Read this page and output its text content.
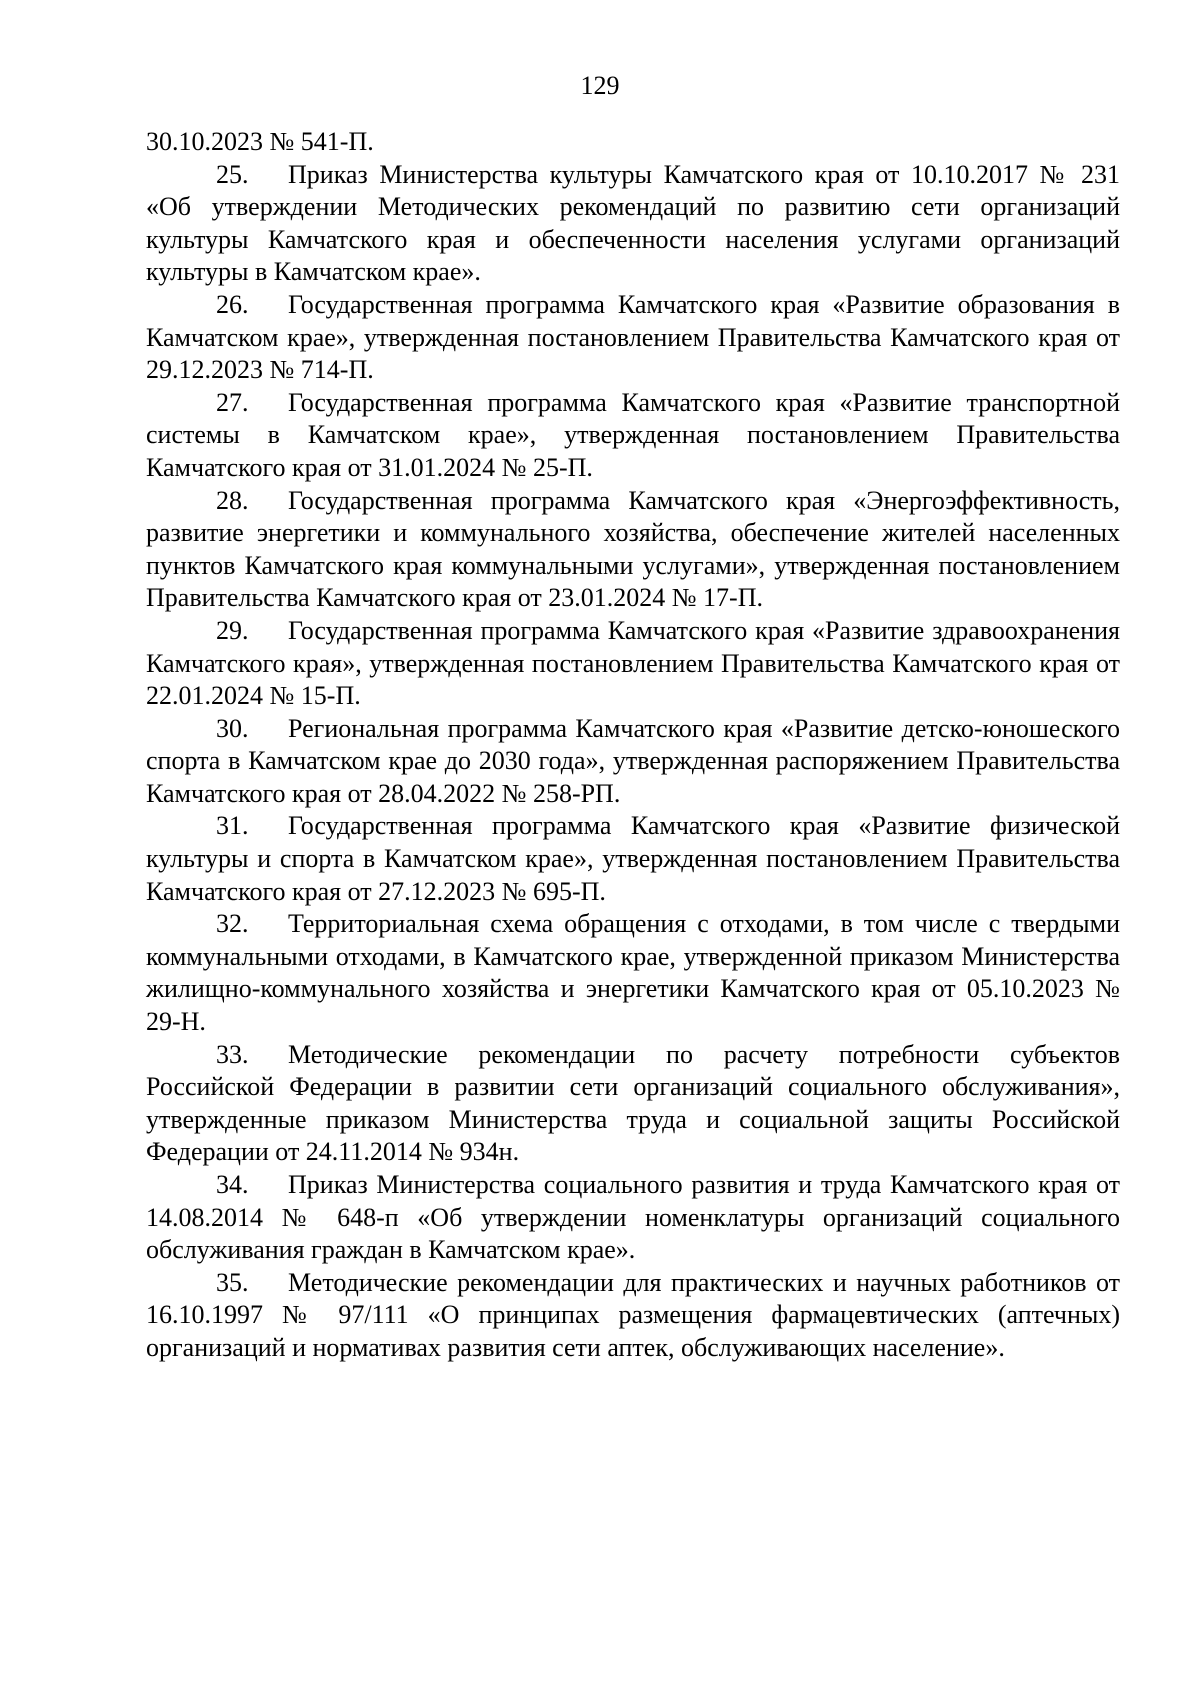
129

30.10.2023 № 541-П.

25. Приказ Министерства культуры Камчатского края от 10.10.2017 № 231 «Об утверждении Методических рекомендаций по развитию сети организаций культуры Камчатского края и обеспеченности населения услугами организаций культуры в Камчатском крае».

26. Государственная программа Камчатского края «Развитие образования в Камчатском крае», утвержденная постановлением Правительства Камчатского края от 29.12.2023 № 714-П.

27. Государственная программа Камчатского края «Развитие транспортной системы в Камчатском крае», утвержденная постановлением Правительства Камчатского края от 31.01.2024 № 25-П.

28. Государственная программа Камчатского края «Энергоэффективность, развитие энергетики и коммунального хозяйства, обеспечение жителей населенных пунктов Камчатского края коммунальными услугами», утвержденная постановлением Правительства Камчатского края от 23.01.2024 № 17-П.

29. Государственная программа Камчатского края «Развитие здравоохранения Камчатского края», утвержденная постановлением Правительства Камчатского края от 22.01.2024 № 15-П.

30. Региональная программа Камчатского края «Развитие детско-юношеского спорта в Камчатском крае до 2030 года», утвержденная распоряжением Правительства Камчатского края от 28.04.2022 № 258-РП.

31. Государственная программа Камчатского края «Развитие физической культуры и спорта в Камчатском крае», утвержденная постановлением Правительства Камчатского края от 27.12.2023 № 695-П.

32. Территориальная схема обращения с отходами, в том числе с твердыми коммунальными отходами, в Камчатского крае, утвержденной приказом Министерства жилищно-коммунального хозяйства и энергетики Камчатского края от 05.10.2023 № 29-Н.

33. Методические рекомендации по расчету потребности субъектов Российской Федерации в развитии сети организаций социального обслуживания», утвержденные приказом Министерства труда и социальной защиты Российской Федерации от 24.11.2014 № 934н.

34. Приказ Министерства социального развития и труда Камчатского края от 14.08.2014 № 648-п «Об утверждении номенклатуры организаций социального обслуживания граждан в Камчатском крае».

35. Методические рекомендации для практических и научных работников от 16.10.1997 № 97/111 «О принципах размещения фармацевтических (аптечных) организаций и нормативах развития сети аптек, обслуживающих население».
